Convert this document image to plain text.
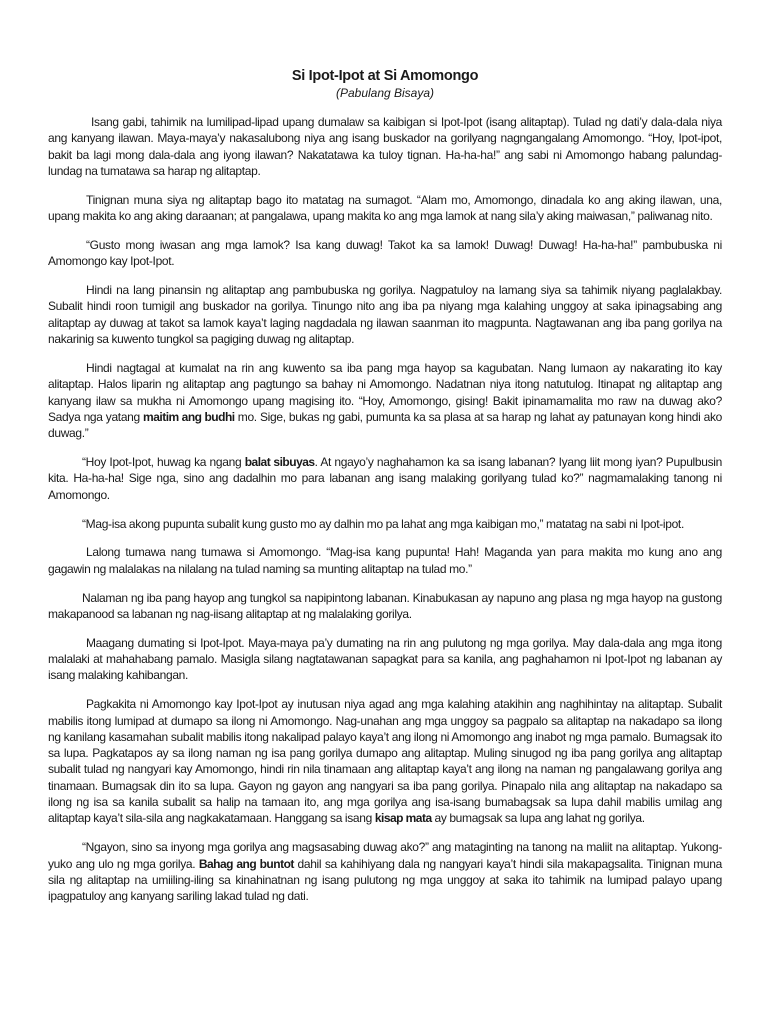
Si Ipot-Ipot at Si Amomongo

(Pabulang Bisaya)

Isang gabi, tahimik na lumilipad-lipad upang dumalaw sa kaibigan si Ipot-Ipot (isang alitaptap). Tulad ng dati’y dala-dala niya ang kanyang ilawan. Maya-maya’y nakasalubong niya ang isang buskador na gorilyang nagngangalang Amomongo. “Hoy, Ipot-ipot, bakit ba lagi mong dala-dala ang iyong ilawan? Nakatatawa ka tuloy tignan. Ha-ha-ha!” ang sabi ni Amomongo habang palundag-lundag na tumatawa sa harap ng alitaptap.

Tinignan muna siya ng alitaptap bago ito matatag na sumagot. “Alam mo, Amomongo, dinadala ko ang aking ilawan, una, upang makita ko ang aking daraanan; at pangalawa, upang makita ko ang mga lamok at nang sila’y aking maiwasan,” paliwanag nito.

“Gusto mong iwasan ang mga lamok? Isa kang duwag! Takot ka sa lamok! Duwag! Duwag! Ha-ha-ha!” pambubuska ni Amomongo kay Ipot-Ipot.

Hindi na lang pinansin ng alitaptap ang pambubuska ng gorilya. Nagpatuloy na lamang siya sa tahimik niyang paglalakbay. Subalit hindi roon tumigil ang buskador na gorilya. Tinungo nito ang iba pa niyang mga kalahing unggoy at saka ipinagsabing ang alitaptap ay duwag at takot sa lamok kaya’t laging nagdadala ng ilawan saanman ito magpunta. Nagtawanan ang iba pang gorilya na nakarinig sa kuwento tungkol sa pagiging duwag ng alitaptap.

Hindi nagtagal at kumalat na rin ang kuwento sa iba pang mga hayop sa kagubatan. Nang lumaon ay nakarating ito kay alitaptap. Halos liparin ng alitaptap ang pagtungo sa bahay ni Amomongo. Nadatnan niya itong natutulog. Itinapat ng alitaptap ang kanyang ilaw sa mukha ni Amomongo upang magising ito. “Hoy, Amomongo, gising! Bakit ipinamamalita mo raw na duwag ako? Sadya nga yatang maitim ang budhi mo. Sige, bukas ng gabi, pumunta ka sa plasa at sa harap ng lahat ay patunayan kong hindi ako duwag.”

“Hoy Ipot-Ipot, huwag ka ngang balat sibuyas. At ngayo’y naghahamon ka sa isang labanan? Iyang liit mong iyan? Pupulbusin kita. Ha-ha-ha! Sige nga, sino ang dadalhin mo para labanan ang isang malaking gorilyang tulad ko?” nagmamalaking tanong ni Amomongo.

“Mag-isa akong pupunta subalit kung gusto mo ay dalhin mo pa lahat ang mga kaibigan mo,” matatag na sabi ni Ipot-ipot.

Lalong tumawa nang tumawa si Amomongo. “Mag-isa kang pupunta! Hah! Maganda yan para makita mo kung ano ang gagawin ng malalakas na nilalang na tulad naming sa munting alitaptap na tulad mo.”

Nalaman ng iba pang hayop ang tungkol sa napipintong labanan. Kinabukasan ay napuno ang plasa ng mga hayop na gustong makapanood sa labanan ng nag-iisang alitaptap at ng malalaking gorilya.

Maagang dumating si Ipot-Ipot. Maya-maya pa’y dumating na rin ang pulutong ng mga gorilya. May dala-dala ang mga itong malalaki at mahahabang pamalo. Masigla silang nagtatawanan sapagkat para sa kanila, ang paghahamon ni Ipot-Ipot ng labanan ay isang malaking kahibangan.

Pagkakita ni Amomongo kay Ipot-Ipot ay inutusan niya agad ang mga kalahing atakihin ang naghihintay na alitaptap. Subalit mabilis itong lumipad at dumapo sa ilong ni Amomongo. Nag-unahan ang mga unggoy sa pagpalo sa alitaptap na nakadapo sa ilong ng kanilang kasamahan subalit mabilis itong nakalipad palayo kaya’t ang ilong ni Amomongo ang inabot ng mga pamalo. Bumagsak ito sa lupa. Pagkatapos ay sa ilong naman ng isa pang gorilya dumapo ang alitaptap. Muling sinugod ng iba pang gorilya ang alitaptap subalit tulad ng nangyari kay Amomongo, hindi rin nila tinamaan ang alitaptap kaya’t ang ilong na naman ng pangalawang gorilya ang tinamaan. Bumagsak din ito sa lupa. Gayon ng gayon ang nangyari sa iba pang gorilya. Pinapalo nila ang alitaptap na nakadapo sa ilong ng isa sa kanila subalit sa halip na tamaan ito, ang mga gorilya ang isa-isang bumabagsak sa lupa dahil mabilis umilag ang alitaptap kaya’t sila-sila ang nagkakatamaan. Hanggang sa isang kisap mata ay bumagsak sa lupa ang lahat ng gorilya.

“Ngayon, sino sa inyong mga gorilya ang magsasabing duwag ako?” ang mataginting na tanong na maliit na alitaptap. Yukong-yuko ang ulo ng mga gorilya. Bahag ang buntot dahil sa kahihiyang dala ng nangyari kaya’t hindi sila makapagsalita. Tinignan muna sila ng alitaptap na umiiling-iling sa kinahinatnan ng isang pulutong ng mga unggoy at saka ito tahimik na lumipad palayo upang ipagpatuloy ang kanyang sariling lakad tulad ng dati.
